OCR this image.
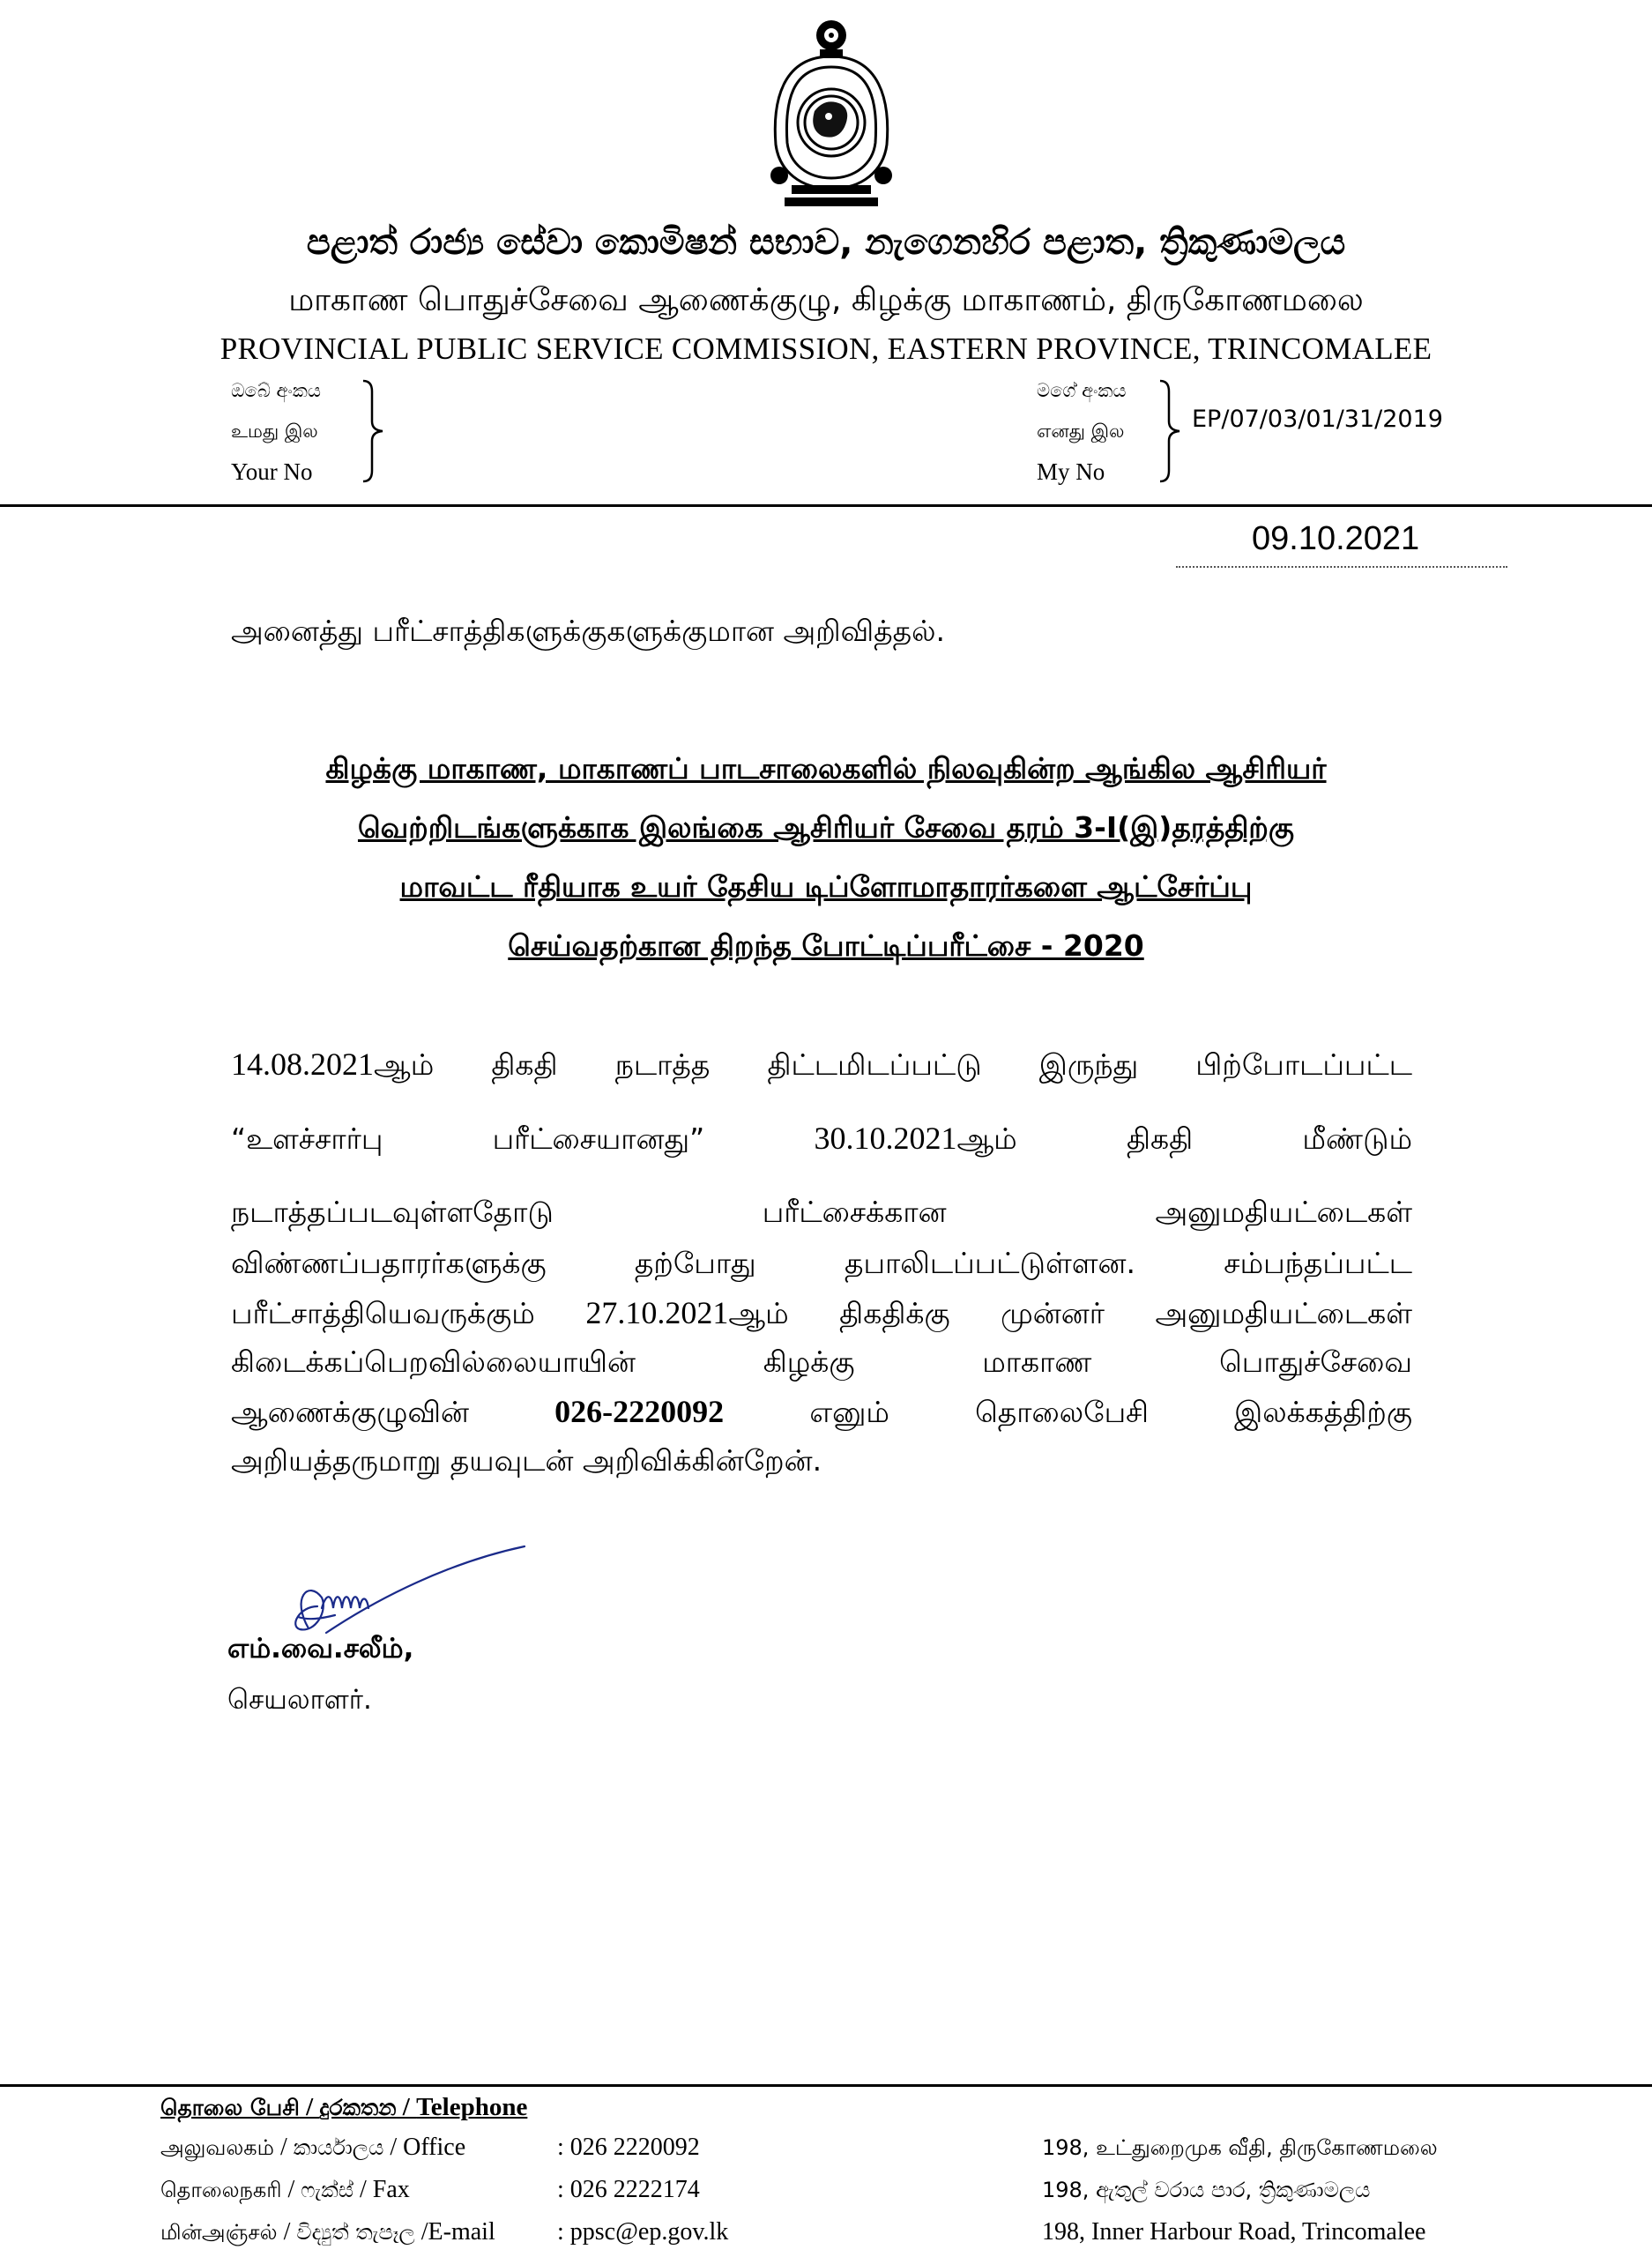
පළාත් රාජ්‍ය සේවා කොමිෂන් සභාව, නැගෙනහිර පළාත, ත්‍රිකුණාමලය
மாகாண பொதுச்சேவை ஆணைக்குழு, கிழக்கு மாகாணம், திருகோணமலை
PROVINCIAL PUBLIC SERVICE COMMISSION, EASTERN PROVINCE, TRINCOMALEE
ඔබේ අංකය
உமது இல
Your No
මගේ අංකය
எனது இல
My No
EP/07/03/01/31/2019
09.10.2021
அனைத்து பரீட்சாத்திகளுக்குகளுக்குமான அறிவித்தல்.
கிழக்கு மாகாண, மாகாணப் பாடசாலைகளில் நிலவுகின்ற ஆங்கில ஆசிரியர்
வெற்றிடங்களுக்காக இலங்கை ஆசிரியர் சேவை தரம் 3-I(இ)தரத்திற்கு
மாவட்ட ரீதியாக உயர் தேசிய டிப்ளோமாதாரர்களை ஆட்சேர்ப்பு
செய்வதற்கான திறந்த போட்டிப்பரீட்சை - 2020
14.08.2021ஆம் திகதி நடாத்த திட்டமிடப்பட்டு இருந்து பிற்போடப்பட்ட
“உளச்சார்பு பரீட்சையானது”	30.10.2021ஆம் திகதி மீண்டும்
நடாத்தப்படவுள்ளதோடு பரீட்சைக்கான அனுமதியட்டைகள்
விண்ணப்பதாரர்களுக்கு தற்போது தபாலிடப்பட்டுள்ளன. சம்பந்தப்பட்ட
பரீட்சாத்தியெவருக்கும் 27.10.2021ஆம் திகதிக்கு முன்னர் அனுமதியட்டைகள்
கிடைக்கப்பெறவில்லையாயின் கிழக்கு மாகாண பொதுச்சேவை
ஆணைக்குழுவின்	026-2220092	எனும் தொலைபேசி இலக்கத்திற்கு
அறியத்தருமாறு தயவுடன் அறிவிக்கின்றேன்.
எம்.வை.சலீம்,
செயலாளர்.
தொலை பேசி / දුරකතන / Telephone
அலுவலகம் / කාර්යාලය / Office	: 026 2220092	198, உட்துறைமுக வீதி, திருகோணமலை
தொலைநகரி / ෆැක්ස් / Fax	: 026 2222174	198, ඇතුල් වරාය පාර, ත්‍රිකුණාමලය
மின்அஞ்சல் / විද්‍යුත් තැපෑල /E-mail	: ppsc@ep.gov.lk	198, Inner Harbour Road, Trincomalee
